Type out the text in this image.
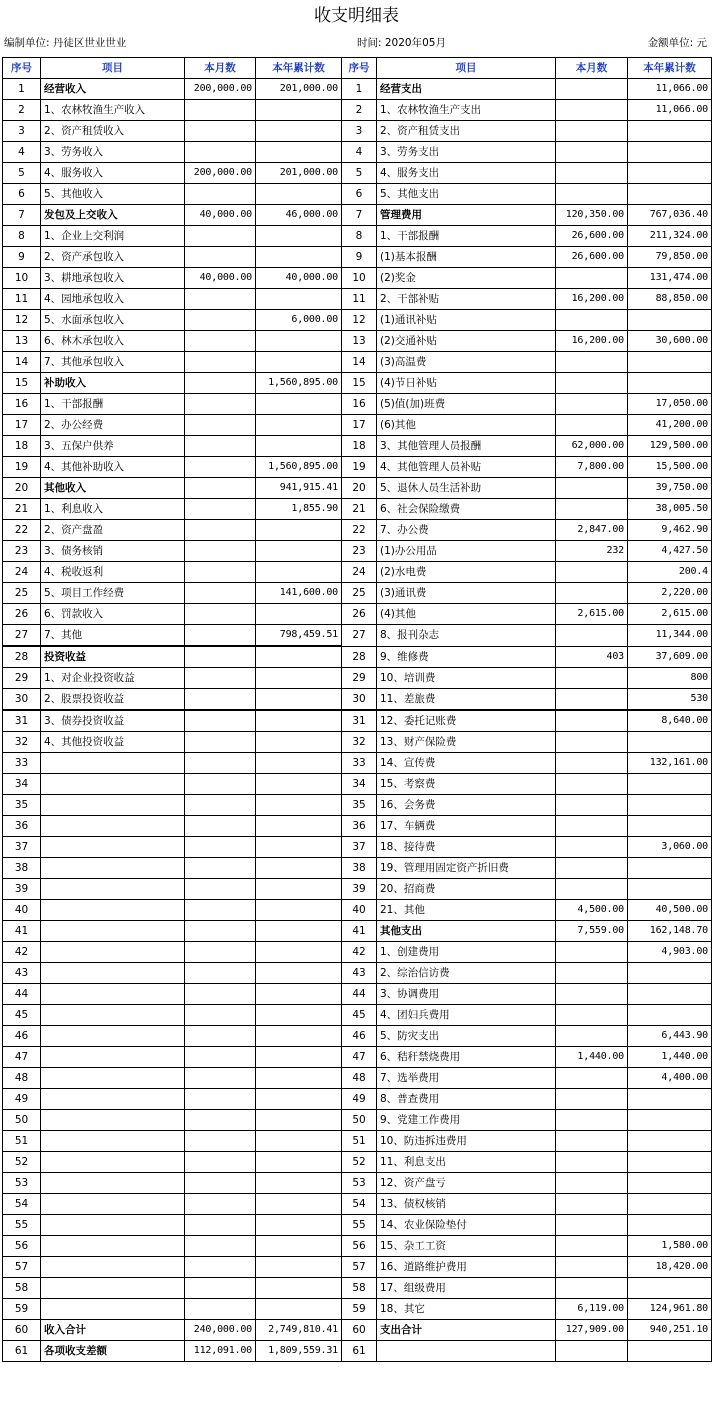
收支明细表
编制单位: 丹徒区世业世业	时间: 2020年05月	金额单位: 元
序号	项目	本月数	本年累计数	序号	项目	本月数	本年累计数
1	经营收入	200,000.00	201,000.00	1	经营支出		11,066.00
2	1、农林牧渔生产收入			2	1、农林牧渔生产支出		11,066.00
3	2、资产租赁收入			3	2、资产租赁支出		
4	3、劳务收入			4	3、劳务支出		
5	4、服务收入	200,000.00	201,000.00	5	4、服务支出		
6	5、其他收入			6	5、其他支出		
7	发包及上交收入	40,000.00	46,000.00	7	管理费用	120,350.00	767,036.40
8	1、企业上交利润			8	1、干部报酬	26,600.00	211,324.00
9	2、资产承包收入			9	(1)基本报酬	26,600.00	79,850.00
10	3、耕地承包收入	40,000.00	40,000.00	10	(2)奖金		131,474.00
11	4、园地承包收入			11	2、干部补贴	16,200.00	88,850.00
12	5、水面承包收入		6,000.00	12	(1)通讯补贴		
13	6、林木承包收入			13	(2)交通补贴	16,200.00	30,600.00
14	7、其他承包收入			14	(3)高温费		
15	补助收入		1,560,895.00	15	(4)节日补贴		
16	1、干部报酬			16	(5)值(加)班费		17,050.00
17	2、办公经费			17	(6)其他		41,200.00
18	3、五保户供养			18	3、其他管理人员报酬	62,000.00	129,500.00
19	4、其他补助收入		1,560,895.00	19	4、其他管理人员补贴	7,800.00	15,500.00
20	其他收入		941,915.41	20	5、退休人员生活补助		39,750.00
21	1、利息收入		1,855.90	21	6、社会保险缴费		38,005.50
22	2、资产盘盈			22	7、办公费	2,847.00	9,462.90
23	3、债务核销			23	(1)办公用品	232	4,427.50
24	4、税收返利			24	(2)水电费		200.4
25	5、项目工作经费		141,600.00	25	(3)通讯费		2,220.00
26	6、罚款收入			26	(4)其他	2,615.00	2,615.00
27	7、其他		798,459.51	27	8、报刊杂志		11,344.00
28	投资收益			28	9、维修费	403	37,609.00
29	1、对企业投资收益			29	10、培训费		800
30	2、股票投资收益			30	11、差旅费		530
31	3、债券投资收益			31	12、委托记账费		8,640.00
32	4、其他投资收益			32	13、财产保险费		
33				33	14、宣传费		132,161.00
34				34	15、考察费		
35				35	16、会务费		
36				36	17、车辆费		
37				37	18、接待费		3,060.00
38				38	19、管理用固定资产折旧费		
39				39	20、招商费		
40				40	21、其他	4,500.00	40,500.00
41				41	其他支出	7,559.00	162,148.70
42				42	1、创建费用		4,903.00
43				43	2、综治信访费		
44				44	3、协调费用		
45				45	4、团妇兵费用		
46				46	5、防灾支出		6,443.90
47				47	6、秸秆禁烧费用	1,440.00	1,440.00
48				48	7、选举费用		4,400.00
49				49	8、普查费用		
50				50	9、党建工作费用		
51				51	10、防违拆违费用		
52				52	11、利息支出		
53				53	12、资产盘亏		
54				54	13、债权核销		
55				55	14、农业保险垫付		
56				56	15、杂工工资		1,580.00
57				57	16、道路维护费用		18,420.00
58				58	17、组级费用		
59				59	18、其它	6,119.00	124,961.80
60	收入合计	240,000.00	2,749,810.41	60	支出合计	127,909.00	940,251.10
61	各项收支差额	112,091.00	1,809,559.31	61			
